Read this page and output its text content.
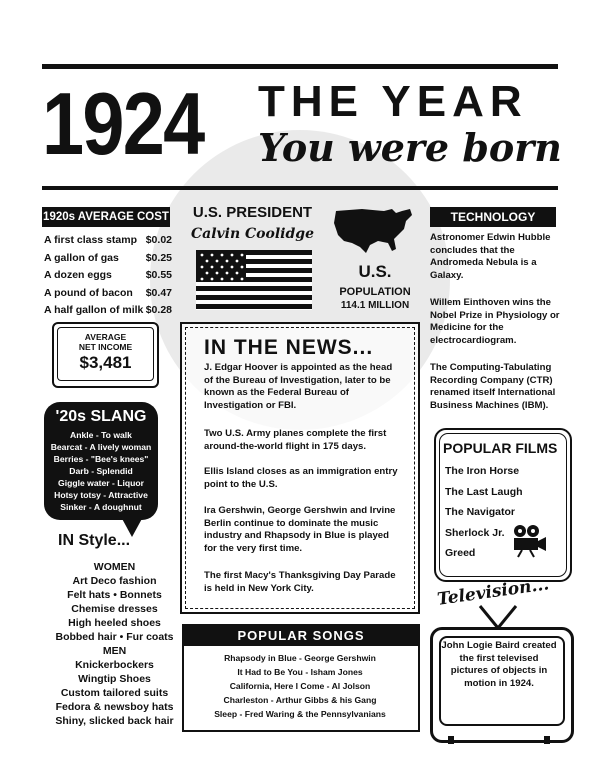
1924 THE YEAR
You were born
1920s AVERAGE COST
A first class stamp $0.02
A gallon of gas	$0.25
A dozen eggs	$0.55
A pound of bacon $0.47
A half gallon of milk $0.28
AVERAGE
NET INCOME
$3,481
'20s SLANG
Ankle - To walk
Bearcat - A lively woman
Berries - "Bee's knees"
Darb - Splendid
Giggle water - Liquor
Hotsy totsy - Attractive
Sinker - A doughnut
IN Style...
WOMEN
Art Deco fashion
Felt hats • Bonnets
Chemise dresses
High heeled shoes
Bobbed hair • Fur coats
MEN
Knickerbockers
Wingtip Shoes
Custom tailored suits
Fedora & newsboy hats
Shiny, slicked back hair
U.S. PRESIDENT
Calvin Coolidge
U.S.
POPULATION
114.1 MILLION
IN THE NEWS...
J. Edgar Hoover is appointed as the head of the Bureau of Investigation, later to be known as the Federal Bureau of Investigation or FBI.
Two U.S. Army planes complete the first around-the-world flight in 175 days.
Ellis Island closes as an immigration entry point to the U.S.
Ira Gershwin, George Gershwin and Irvine Berlin continue to dominate the music industry and Rhapsody in Blue is played for the very first time.
The first Macy's Thanksgiving Day Parade is held in New York City.
POPULAR SONGS
Rhapsody in Blue - George Gershwin
It Had to Be You - Isham Jones
California, Here I Come - Al Jolson
Charleston - Arthur Gibbs & his Gang
Sleep - Fred Waring & the Pennsylvanians
TECHNOLOGY
Astronomer Edwin Hubble concludes that the Andromeda Nebula is a Galaxy.
Willem Einthoven wins the Nobel Prize in Physiology or Medicine for the electrocardiogram.
The Computing-Tabulating Recording Company (CTR) renamed itself International Business Machines (IBM).
POPULAR FILMS
The Iron Horse
The Last Laugh
The Navigator
Sherlock Jr.
Greed
Television...
John Logie Baird created the first televised pictures of objects in motion in 1924.
